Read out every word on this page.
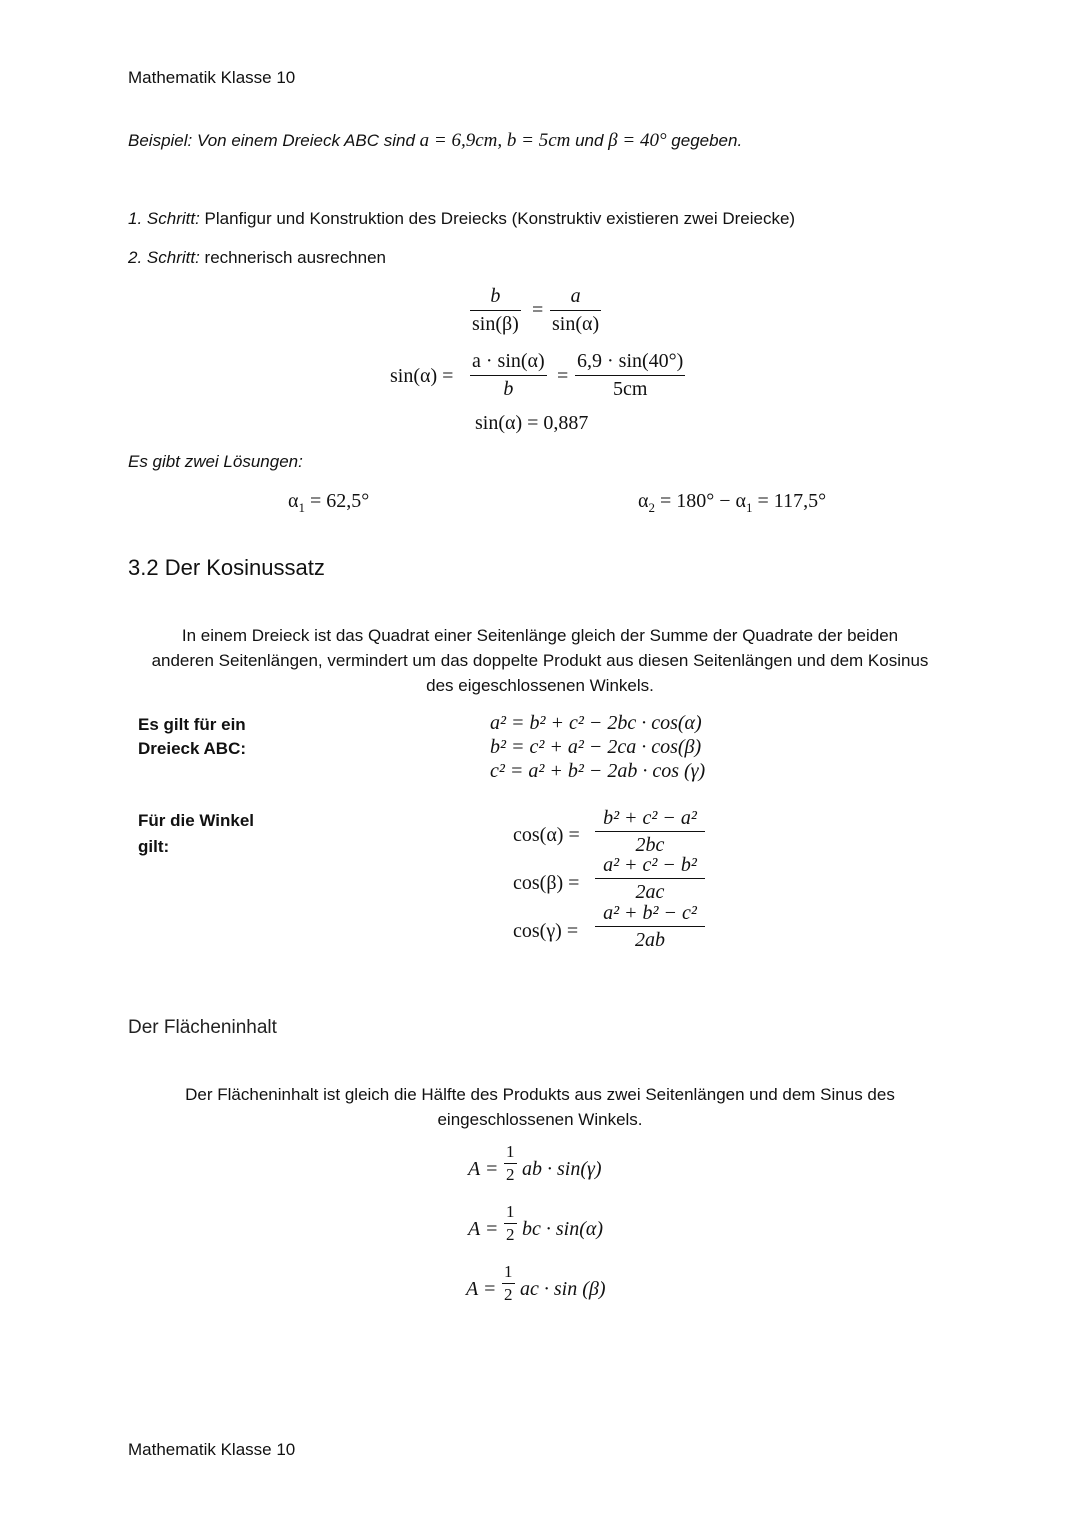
Mathematik Klasse 10
Beispiel: Von einem Dreieck ABC sind a = 6,9cm, b = 5cm und β = 40° gegeben.
1. Schritt: Planfigur und Konstruktion des Dreiecks (Konstruktiv existieren zwei Dreiecke)
2. Schritt: rechnerisch ausrechnen
b
sin(β)
=
a
sin(α)
sin(α) =
a · sin(α)
b
=
6,9 · sin(40°)
5cm
sin(α) = 0,887
Es gibt zwei Lösungen:
$\alpha_1 = 62,5^\circ$	$\alpha_2 = 180^\circ - \alpha_1 = 117,5^\circ$
3.2 Der Kosinussatz
In einem Dreieck ist das Quadrat einer Seitenlänge gleich der Summe der Quadrate der beiden anderen Seitenlängen, vermindert um das doppelte Produkt aus diesen Seitenlängen und dem Kosinus des eigeschlossenen Winkels.
Es gilt für ein Dreieck ABC:
a² = b² + c² − 2bc · cos(α)
b² = c² + a² − 2ca · cos(β)
c² = a² + b² − 2ab · cos (γ)
Für die Winkel gilt:
cos(α) =
b² + c² − a²
2bc
cos(β) =
a² + c² − b²
2ac
cos(γ) =
a² + b² − c²
2ab
Der Flächeninhalt
Der Flächeninhalt ist gleich die Hälfte des Produkts aus zwei Seitenlängen und dem Sinus des eingeschlossenen Winkels.
A =
1
2 ab · sin(γ)
A =
1
2 bc · sin(α)
A =
1
2 ac · sin (β)
Mathematik Klasse 10
